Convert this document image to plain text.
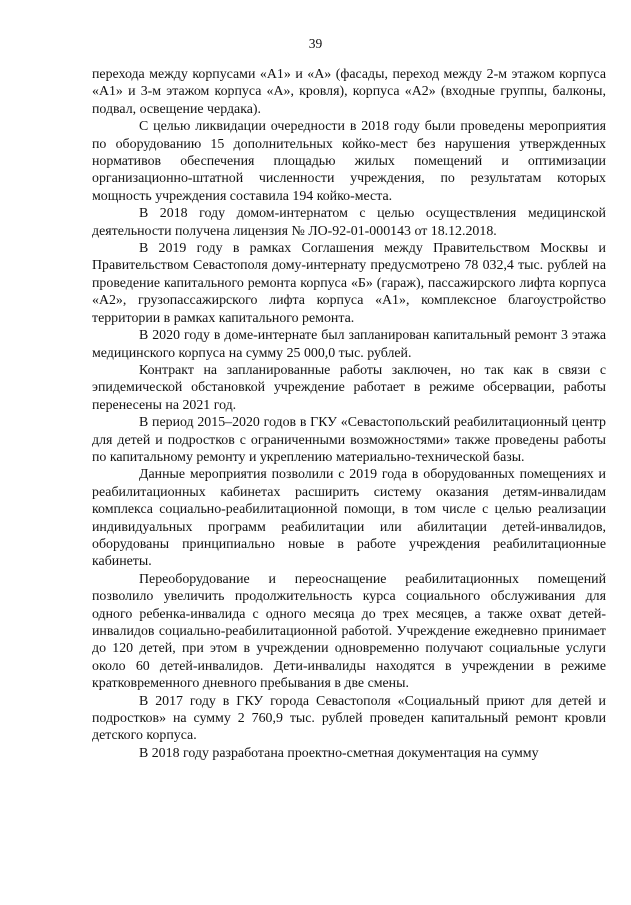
39

перехода между корпусами «А1» и «А» (фасады, переход между 2-м этажом корпуса «А1» и 3-м этажом корпуса «А», кровля), корпуса «А2» (входные группы, балконы, подвал, освещение чердака).

С целью ликвидации очередности в 2018 году были проведены мероприятия по оборудованию 15 дополнительных койко-мест без нарушения утвержденных нормативов обеспечения площадью жилых помещений и оптимизации организационно-штатной численности учреждения, по результатам которых мощность учреждения составила 194 койко-места.

В 2018 году домом-интернатом с целью осуществления медицинской деятельности получена лицензия № ЛО-92-01-000143 от 18.12.2018.

В 2019 году в рамках Соглашения между Правительством Москвы и Правительством Севастополя дому-интернату предусмотрено 78 032,4 тыс. рублей на проведение капитального ремонта корпуса «Б» (гараж), пассажирского лифта корпуса «А2», грузопассажирского лифта корпуса «А1», комплексное благоустройство территории в рамках капитального ремонта.

В 2020 году в доме-интернате был запланирован капитальный ремонт 3 этажа медицинского корпуса на сумму 25 000,0 тыс. рублей.

Контракт на запланированные работы заключен, но так как в связи с эпидемической обстановкой учреждение работает в режиме обсервации, работы перенесены на 2021 год.

В период 2015–2020 годов в ГКУ «Севастопольский реабилитационный центр для детей и подростков с ограниченными возможностями» также проведены работы по капитальному ремонту и укреплению материально-технической базы.

Данные мероприятия позволили с 2019 года в оборудованных помещениях и реабилитационных кабинетах расширить систему оказания детям-инвалидам комплекса социально-реабилитационной помощи, в том числе с целью реализации индивидуальных программ реабилитации или абилитации детей-инвалидов, оборудованы принципиально новые в работе учреждения реабилитационные кабинеты.

Переоборудование и переоснащение реабилитационных помещений позволило увеличить продолжительность курса социального обслуживания для одного ребенка-инвалида с одного месяца до трех месяцев, а также охват детей-инвалидов социально-реабилитационной работой. Учреждение ежедневно принимает до 120 детей, при этом в учреждении одновременно получают социальные услуги около 60 детей-инвалидов. Дети-инвалиды находятся в учреждении в режиме кратковременного дневного пребывания в две смены.

В 2017 году в ГКУ города Севастополя «Социальный приют для детей и подростков» на сумму 2 760,9 тыс. рублей проведен капитальный ремонт кровли детского корпуса.

В 2018 году разработана проектно-сметная документация на сумму
